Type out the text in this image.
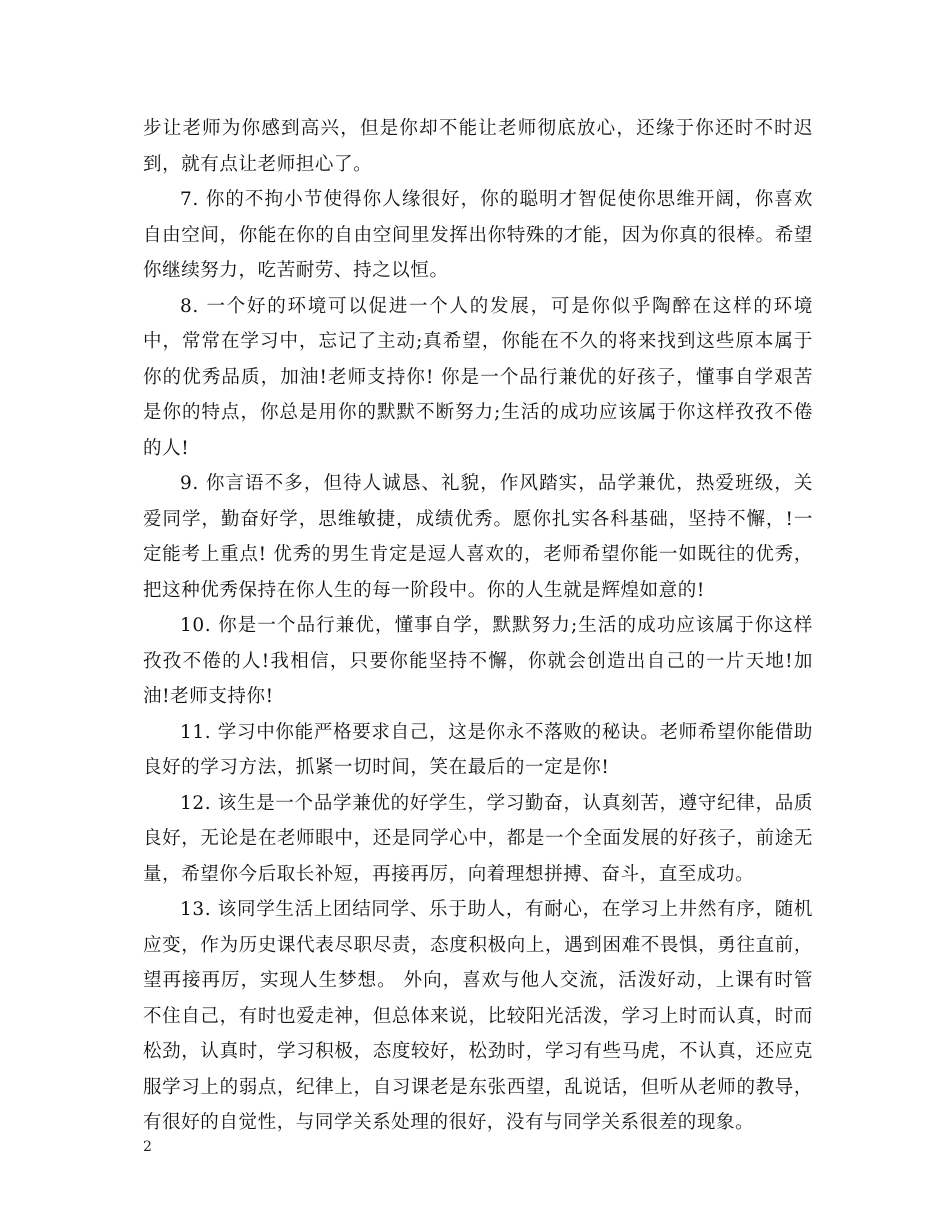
步让老师为你感到高兴，但是你却不能让老师彻底放心，还缘于你还时不时迟到，就有点让老师担心了。

7. 你的不拘小节使得你人缘很好，你的聪明才智促使你思维开阔，你喜欢自由空间，你能在你的自由空间里发挥出你特殊的才能，因为你真的很棒。希望你继续努力，吃苦耐劳、持之以恒。

8. 一个好的环境可以促进一个人的发展，可是你似乎陶醉在这样的环境中，常常在学习中，忘记了主动;真希望，你能在不久的将来找到这些原本属于你的优秀品质，加油!老师支持你! 你是一个品行兼优的好孩子，懂事自学艰苦是你的特点，你总是用你的默默不断努力;生活的成功应该属于你这样孜孜不倦的人!

9. 你言语不多，但待人诚恳、礼貌，作风踏实，品学兼优，热爱班级，关爱同学，勤奋好学，思维敏捷，成绩优秀。愿你扎实各科基础，坚持不懈，!一定能考上重点! 优秀的男生肯定是逗人喜欢的，老师希望你能一如既往的优秀，把这种优秀保持在你人生的每一阶段中。你的人生就是辉煌如意的!

10. 你是一个品行兼优，懂事自学，默默努力;生活的成功应该属于你这样孜孜不倦的人!我相信，只要你能坚持不懈，你就会创造出自己的一片天地!加油!老师支持你!

11. 学习中你能严格要求自己，这是你永不落败的秘诀。老师希望你能借助良好的学习方法，抓紧一切时间，笑在最后的一定是你!

12. 该生是一个品学兼优的好学生，学习勤奋，认真刻苦，遵守纪律，品质良好，无论是在老师眼中，还是同学心中，都是一个全面发展的好孩子，前途无量，希望你今后取长补短，再接再厉，向着理想拼搏、奋斗，直至成功。

13. 该同学生活上团结同学、乐于助人，有耐心，在学习上井然有序，随机应变，作为历史课代表尽职尽责，态度积极向上，遇到困难不畏惧，勇往直前，望再接再厉，实现人生梦想。 外向，喜欢与他人交流，活泼好动，上课有时管不住自己，有时也爱走神，但总体来说，比较阳光活泼，学习上时而认真，时而松劲，认真时，学习积极，态度较好，松劲时，学习有些马虎，不认真，还应克服学习上的弱点，纪律上，自习课老是东张西望，乱说话，但听从老师的教导，有很好的自觉性，与同学关系处理的很好，没有与同学关系很差的现象。

2
